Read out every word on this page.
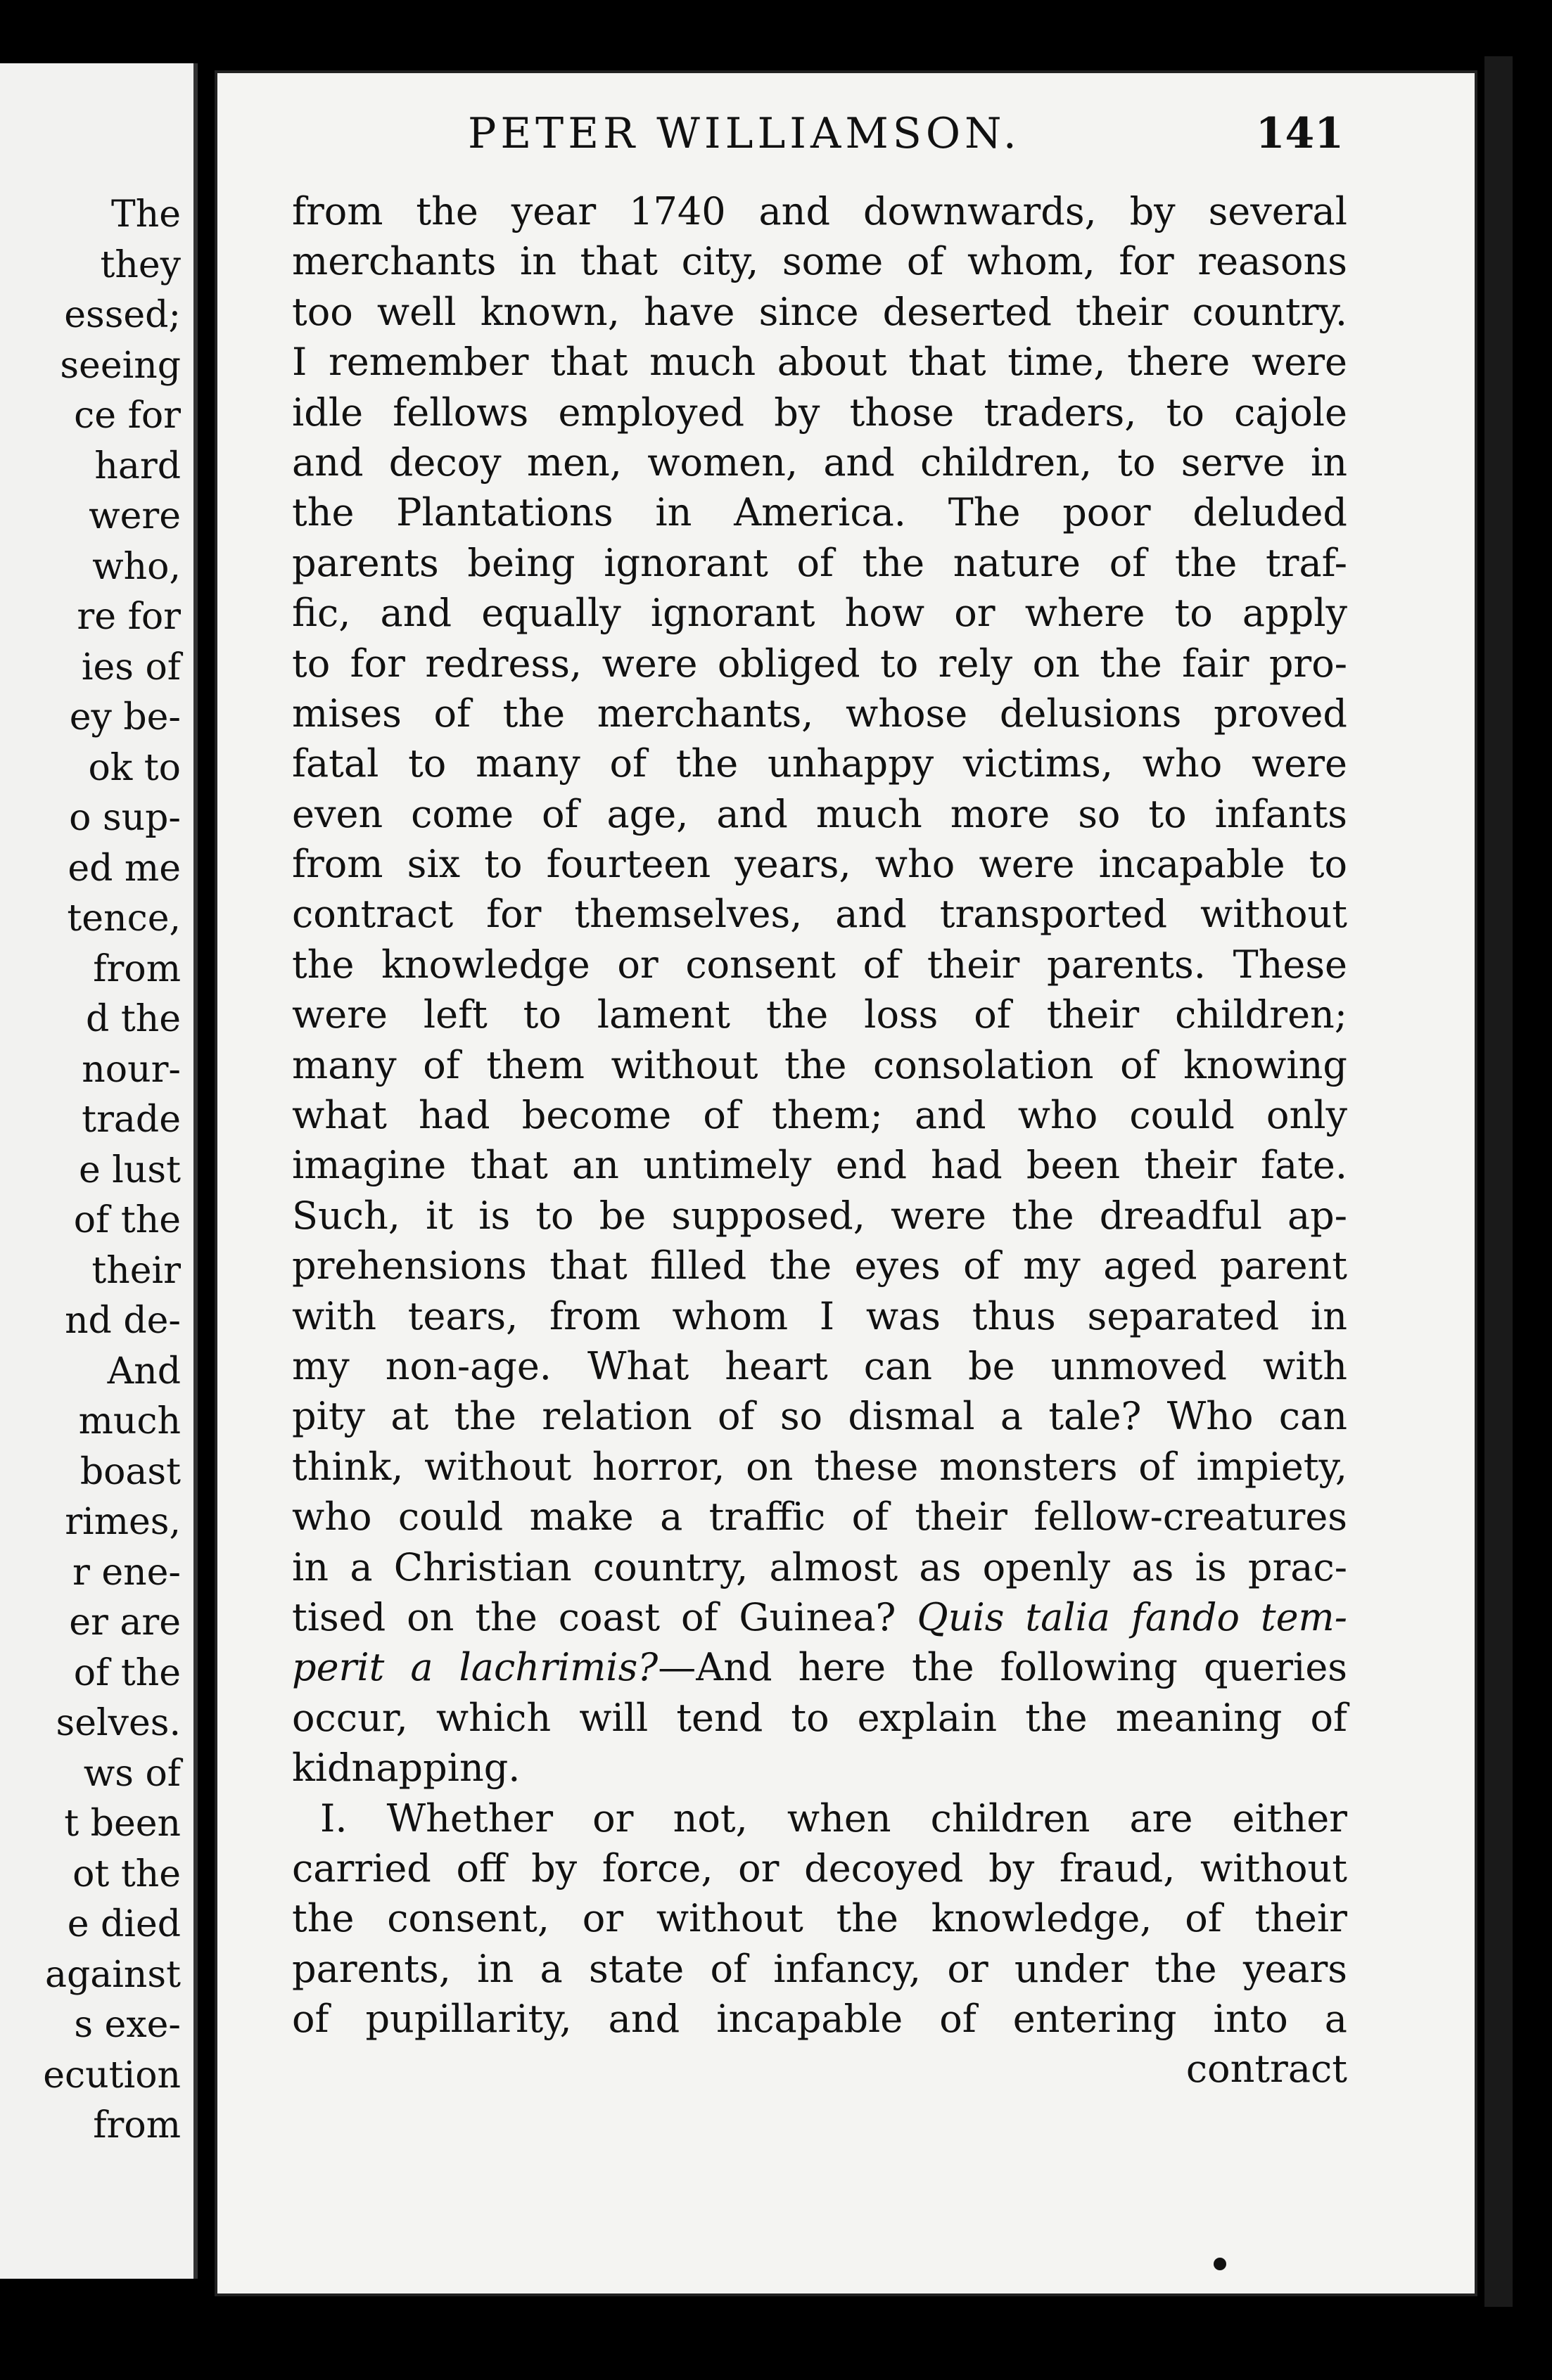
The
they
essed;
seeing
ce for
hard
were
who,
re for
ies of
ey be-
ok to
o sup-
ed me
tence,
from
d the
nour-
trade
e lust
of the
their
nd de-
And
much
boast
rimes,
r ene-
er are
of the
selves.
ws of
t been
ot the
e died
against
s exe-
ecution
from
PETER WILLIAMSON.	141
from the year 1740 and downwards, by several
merchants in that city, some of whom, for reasons
too well known, have since deserted their country.
I remember that much about that time, there were
idle fellows employed by those traders, to cajole
and decoy men, women, and children, to serve in
the Plantations in America. The poor deluded
parents being ignorant of the nature of the traf-
fic, and equally ignorant how or where to apply
to for redress, were obliged to rely on the fair pro-
mises of the merchants, whose delusions proved
fatal to many of the unhappy victims, who were
even come of age, and much more so to infants
from six to fourteen years, who were incapable to
contract for themselves, and transported without
the knowledge or consent of their parents. These
were left to lament the loss of their children;
many of them without the consolation of knowing
what had become of them; and who could only
imagine that an untimely end had been their fate.
Such, it is to be supposed, were the dreadful ap-
prehensions that filled the eyes of my aged parent
with tears, from whom I was thus separated in
my non-age. What heart can be unmoved with
pity at the relation of so dismal a tale? Who can
think, without horror, on these monsters of impiety,
who could make a traffic of their fellow-creatures
in a Christian country, almost as openly as is prac-
tised on the coast of Guinea? Quis talia fando tem-
perit a lachrimis?—And here the following queries
occur, which will tend to explain the meaning of
kidnapping.
I. Whether or not, when children are either
carried off by force, or decoyed by fraud, without
the consent, or without the knowledge, of their
parents, in a state of infancy, or under the years
of pupillarity, and incapable of entering into a
contract
